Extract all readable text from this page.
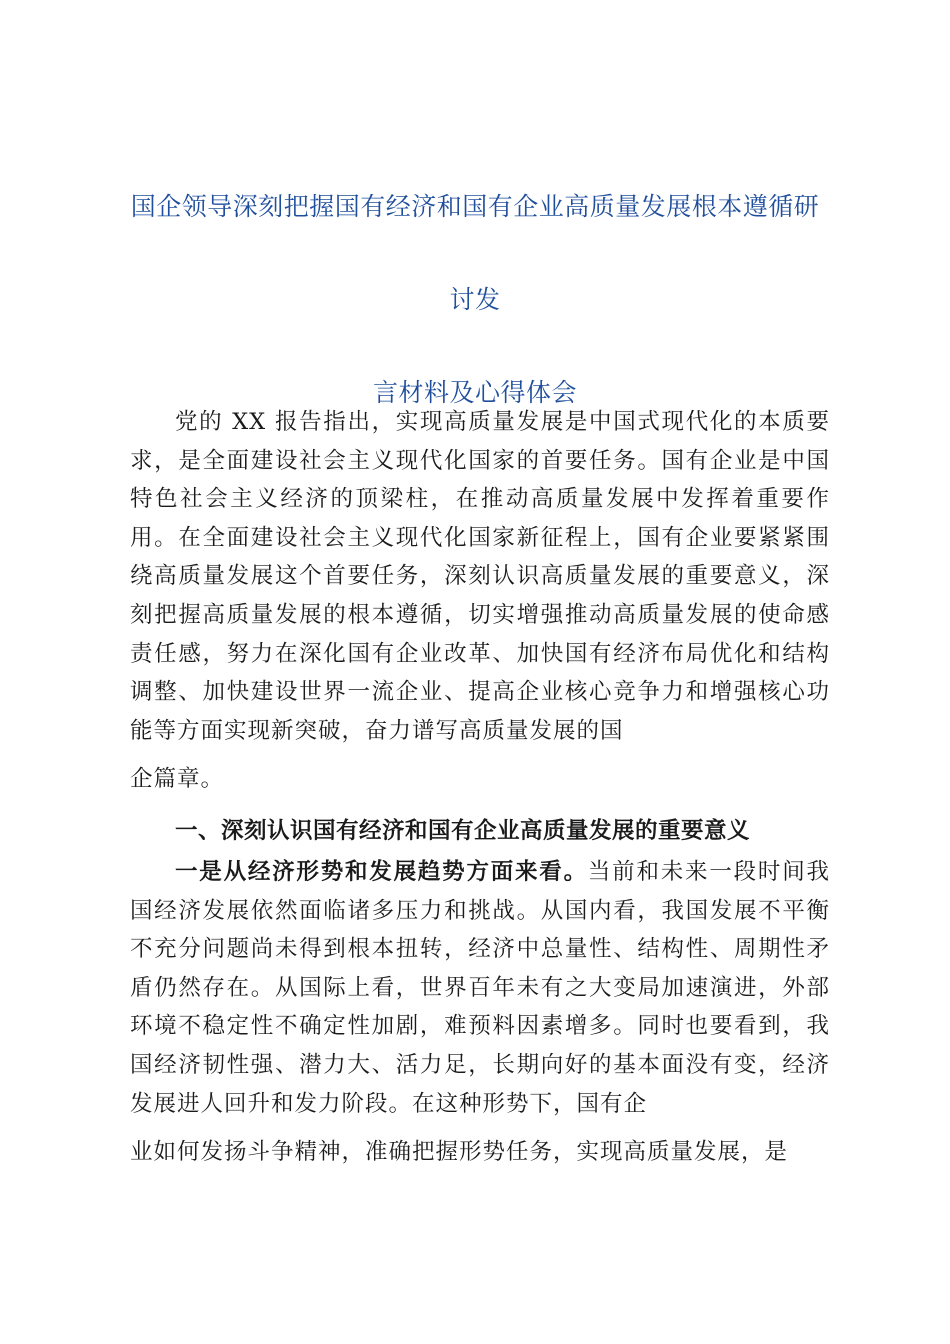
国企领导深刻把握国有经济和国有企业高质量发展根本遵循研讨发
言材料及心得体会
党的 XX 报告指出，实现高质量发展是中国式现代化的本质要求，是全面建设社会主义现代化国家的首要任务。国有企业是中国特色社会主义经济的顶梁柱，在推动高质量发展中发挥着重要作用。在全面建设社会主义现代化国家新征程上，国有企业要紧紧围绕高质量发展这个首要任务，深刻认识高质量发展的重要意义，深刻把握高质量发展的根本遵循，切实增强推动高质量发展的使命感责任感，努力在深化国有企业改革、加快国有经济布局优化和结构调整、加快建设世界一流企业、提高企业核心竞争力和增强核心功能等方面实现新突破，奋力谱写高质量发展的国
企篇章。
一、深刻认识国有经济和国有企业高质量发展的重要意义
一是从经济形势和发展趋势方面来看。当前和未来一段时间我国经济发展依然面临诸多压力和挑战。从国内看，我国发展不平衡不充分问题尚未得到根本扭转，经济中总量性、结构性、周期性矛盾仍然存在。从国际上看，世界百年未有之大变局加速演进，外部环境不稳定性不确定性加剧，难预料因素增多。同时也要看到，我国经济韧性强、潜力大、活力足，长期向好的基本面没有变，经济发展进人回升和发力阶段。在这种形势下，国有企
业如何发扬斗争精神，准确把握形势任务，实现高质量发展，是
